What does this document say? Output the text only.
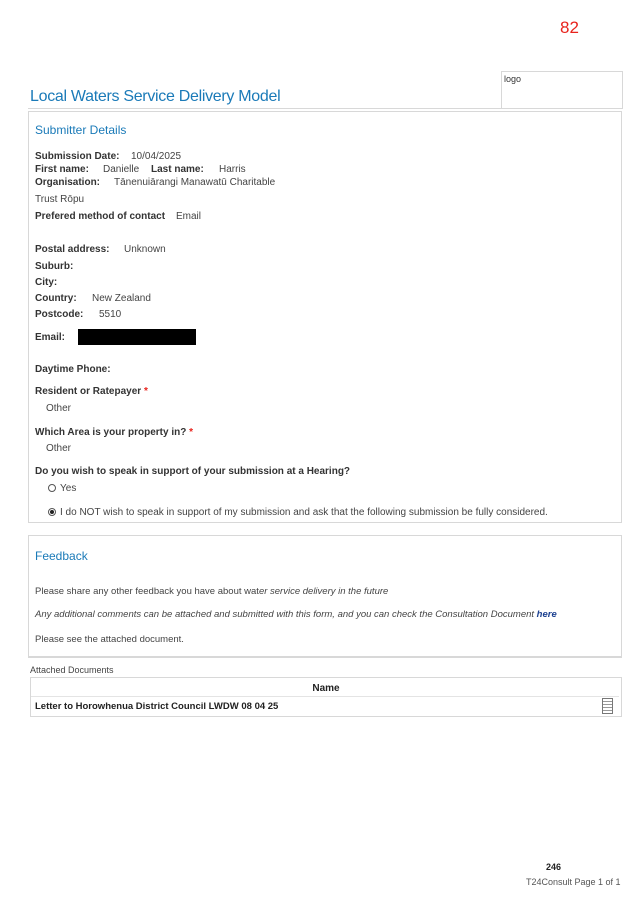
82
logo
Local Waters Service Delivery Model
Submitter Details
Submission Date: 10/04/2025
First name: Danielle Last name: Harris
Organisation: Tānenuiārangi Manawatū Charitable
Trust Rōpu
Prefered method of contact Email
Postal address: Unknown
Suburb:
City:
Country: New Zealand
Postcode: 5510
Email:
Daytime Phone:
Resident or Ratepayer *
Other
Which Area is your property in? *
Other
Do you wish to speak in support of your submission at a Hearing?
Yes
I do NOT wish to speak in support of my submission and ask that the following submission be fully considered.
Feedback
Please share any other feedback you have about water service delivery in the future
Any additional comments can be attached and submitted with this form, and you can check the Consultation Document here
Please see the attached document.
Attached Documents
Name
Letter to Horowhenua District Council LWDW 08 04 25
246
T24Consult Page 1 of 1
